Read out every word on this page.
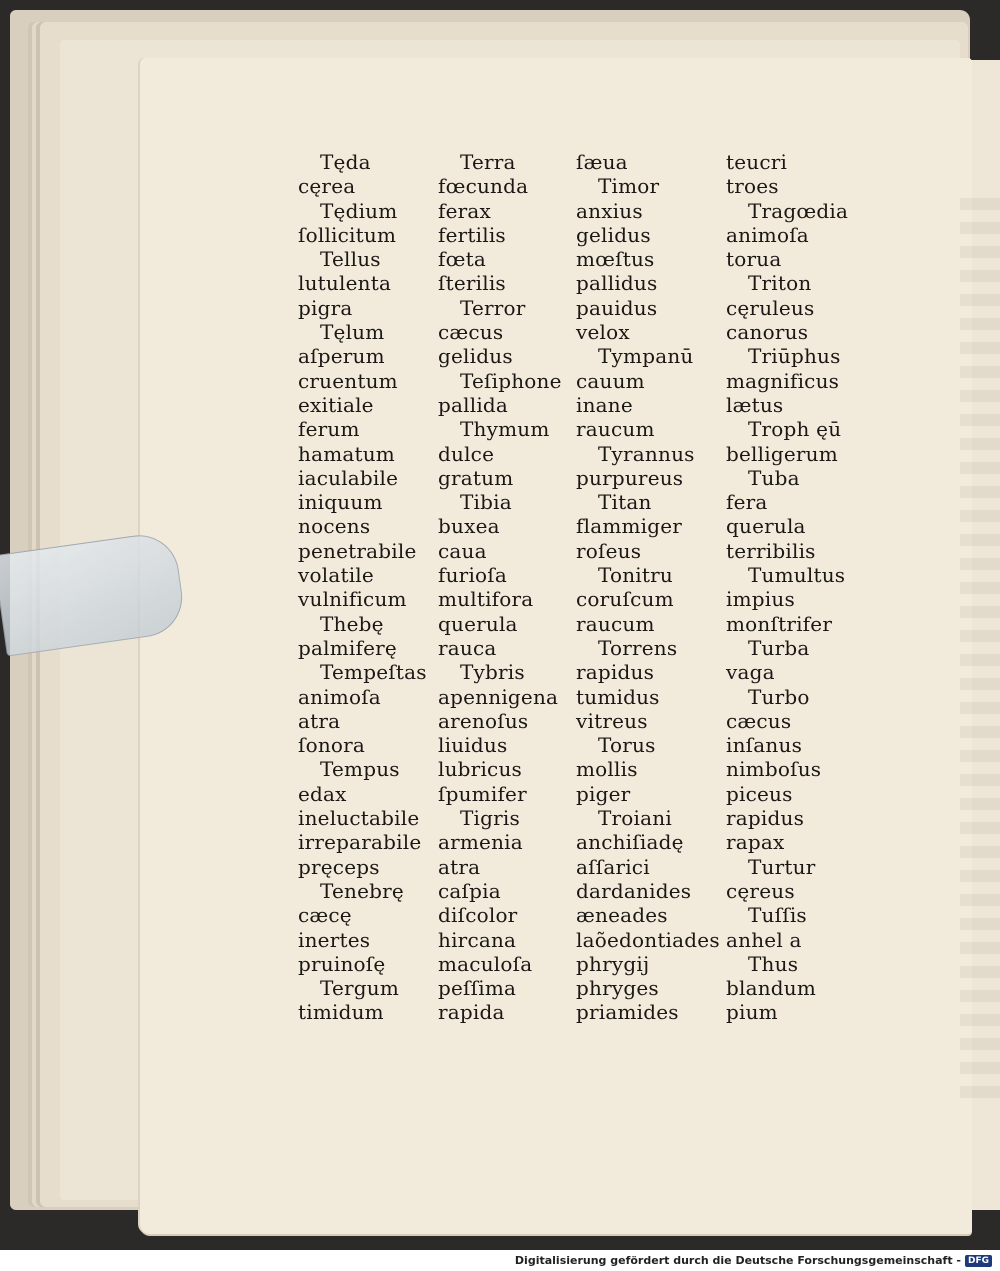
Tęda
cęrea
Tędium
ſollicitum
Tellus
lutulenta
pigra
Tęlum
aſperum
cruentum
exitiale
ferum
hamatum
iaculabile
iniquum
nocens
penetrabile
volatile
vulnificum
Thebę
palmiferę
Tempeſtas
animoſa
atra
ſonora
Tempus
edax
ineluctabile
irreparabile
pręceps
Tenebrę
cæcę
inertes
pruinoſę
Tergum
timidum
Terra
fœcunda
ferax
fertilis
fœta
ſterilis
Terror
cæcus
gelidus
Teſiphone
pallida
Thymum
dulce
gratum
Tibia
buxea
caua
furioſa
multifora
querula
rauca
Tybris
apennigena
arenoſus
liuidus
lubricus
ſpumifer
Tigris
armenia
atra
caſpia
diſcolor
hircana
maculoſa
peſſima
rapida
ſæua
Timor
anxius
gelidus
mœſtus
pallidus
pauidus
velox
Tympanū
cauum
inane
raucum
Tyrannus
purpureus
Titan
flammiger
roſeus
Tonitru
coruſcum
raucum
Torrens
rapidus
tumidus
vitreus
Torus
mollis
piger
Troiani
anchiſiadę
aſſarici
dardanides
æneades
laõedontiades
phrygij
phryges
priamides
teucri
troes
Tragœdia
animoſa
torua
Triton
cęruleus
canorus
Triūphus
magnificus
lætus
Troph ęū
belligerum
Tuba
fera
querula
terribilis
Tumultus
impius
monſtrifer
Turba
vaga
Turbo
cæcus
inſanus
nimboſus
piceus
rapidus
rapax
Turtur
cęreus
Tuſſis
anhel a
Thus
blandum
pium
Digitalisierung gefördert durch die Deutsche Forschungsgemeinschaft - DFG
